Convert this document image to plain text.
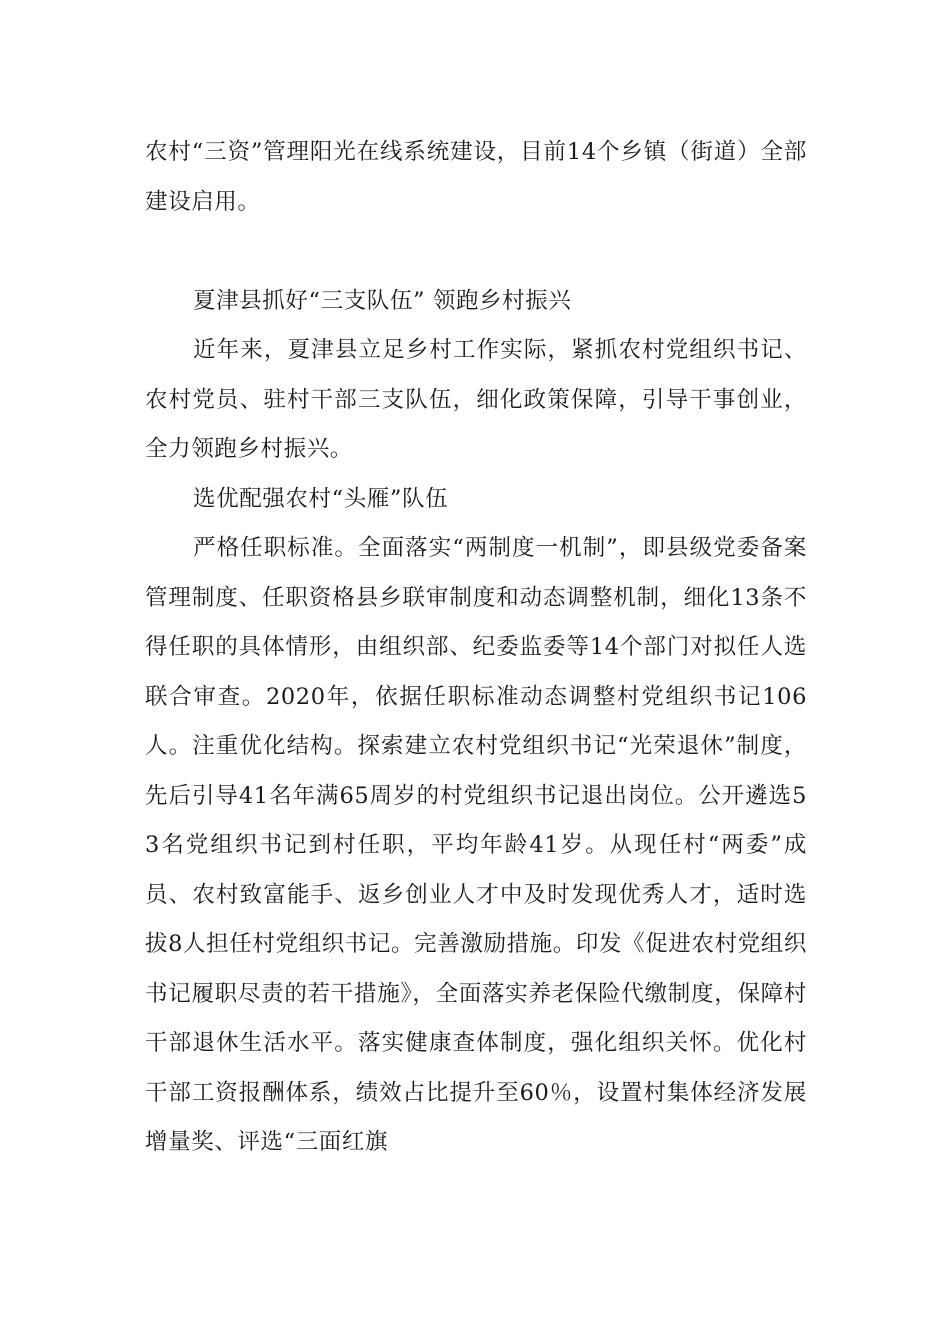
农村“三资”管理阳光在线系统建设，目前14个乡镇（街道）全部建设启用。

夏津县抓好“三支队伍” 领跑乡村振兴

近年来，夏津县立足乡村工作实际，紧抓农村党组织书记、农村党员、驻村干部三支队伍，细化政策保障，引导干事创业，全力领跑乡村振兴。

选优配强农村“头雁”队伍

严格任职标准。全面落实“两制度一机制”，即县级党委备案管理制度、任职资格县乡联审制度和动态调整机制，细化13条不得任职的具体情形，由组织部、纪委监委等14个部门对拟任人选联合审查。2020年，依据任职标准动态调整村党组织书记106人。注重优化结构。探索建立农村党组织书记“光荣退休”制度，先后引导41名年满65周岁的村党组织书记退出岗位。公开遴选53名党组织书记到村任职，平均年龄41岁。从现任村“两委”成员、农村致富能手、返乡创业人才中及时发现优秀人才，适时选拔8人担任村党组织书记。完善激励措施。印发《促进农村党组织书记履职尽责的若干措施》，全面落实养老保险代缴制度，保障村干部退休生活水平。落实健康查体制度，强化组织关怀。优化村干部工资报酬体系，绩效占比提升至60％，设置村集体经济发展增量奖、评选“三面红旗
